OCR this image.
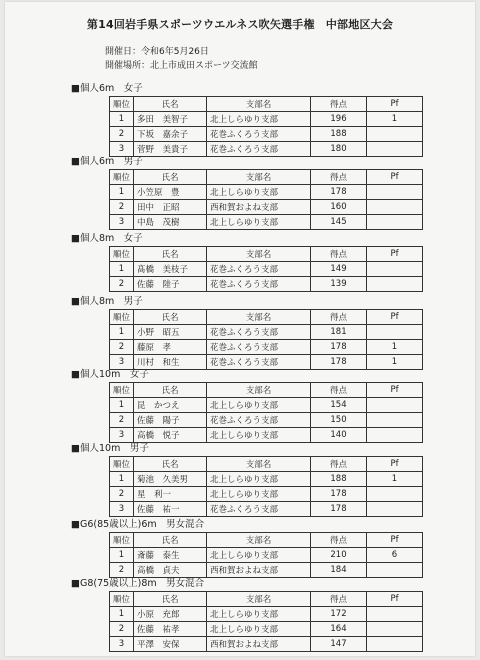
第14回岩手県スポーツウエルネス吹矢選手権　中部地区大会
開催日：令和6年5月26日
開催場所：北上市成田スポーツ交流館
■個人6m　女子
順位	氏名	支部名	得点	Pf
1	多田　美智子	北上しらゆり支部	196	1
2	下坂　嘉余子	花巻ふくろう支部	188	
3	菅野　美貴子	花巻ふくろう支部	180	
■個人6m　男子
順位	氏名	支部名	得点	Pf
1	小笠原　豊	北上しらゆり支部	178	
2	田中　正昭	西和賀およね支部	160	
3	中島　茂樹	北上しらゆり支部	145	
■個人8m　女子
順位	氏名	支部名	得点	Pf
1	髙橋　美枝子	花巻ふくろう支部	149	
2	佐藤　陸子	花巻ふくろう支部	139	
■個人8m　男子
順位	氏名	支部名	得点	Pf
1	小野　昭五	花巻ふくろう支部	181	
2	藤原　孝	花巻ふくろう支部	178	1
3	川村　和生	花巻ふくろう支部	178	1
■個人10m　女子
順位	氏名	支部名	得点	Pf
1	昆　かつえ	北上しらゆり支部	154	
2	佐藤　陽子	花巻ふくろう支部	150	
3	高橋　悦子	北上しらゆり支部	140	
■個人10m　男子
順位	氏名	支部名	得点	Pf
1	菊池　久美男	北上しらゆり支部	188	1
2	星　利一	北上しらゆり支部	178	
3	佐藤　祐一	花巻ふくろう支部	178	
■G6(85歳以上)6m　男女混合
順位	氏名	支部名	得点	Pf
1	斎藤　泰生	北上しらゆり支部	210	6
2	高橋　貞夫	西和賀およね支部	184	
■G8(75歳以上)8m　男女混合
順位	氏名	支部名	得点	Pf
1	小原　充郎	北上しらゆり支部	172	
2	佐藤　祐孝	北上しらゆり支部	164	
3	平澤　安保	西和賀およね支部	147	
